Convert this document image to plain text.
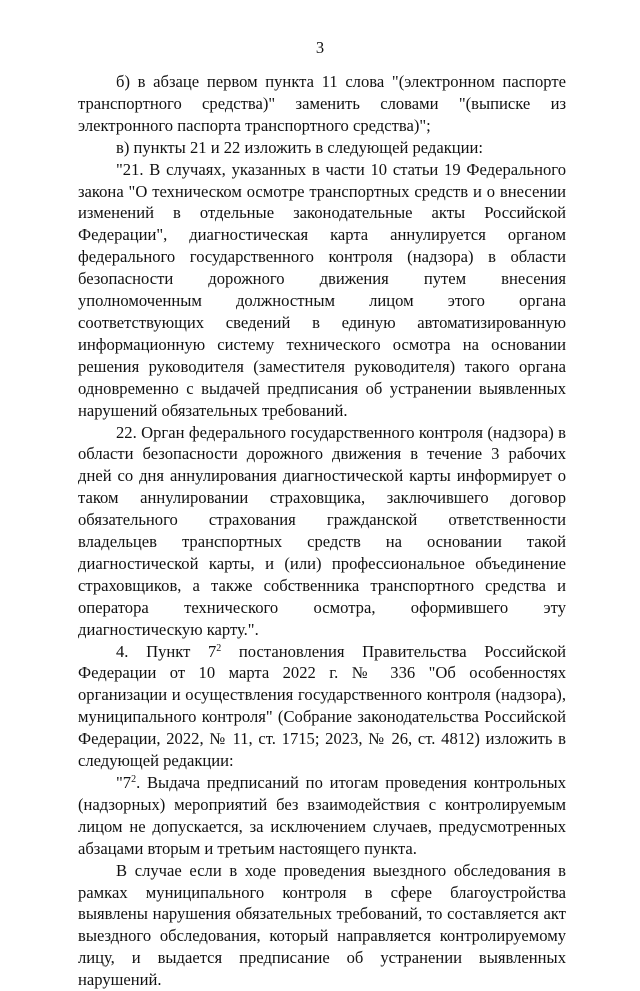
3

б) в абзаце первом пункта 11 слова "(электронном паспорте транспортного средства)" заменить словами "(выписке из электронного паспорта транспортного средства)";

в) пункты 21 и 22 изложить в следующей редакции:

"21. В случаях, указанных в части 10 статьи 19 Федерального закона "О техническом осмотре транспортных средств и о внесении изменений в отдельные законодательные акты Российской Федерации", диагностическая карта аннулируется органом федерального государственного контроля (надзора) в области безопасности дорожного движения путем внесения уполномоченным должностным лицом этого органа соответствующих сведений в единую автоматизированную информационную систему технического осмотра на основании решения руководителя (заместителя руководителя) такого органа одновременно с выдачей предписания об устранении выявленных нарушений обязательных требований.

22. Орган федерального государственного контроля (надзора) в области безопасности дорожного движения в течение 3 рабочих дней со дня аннулирования диагностической карты информирует о таком аннулировании страховщика, заключившего договор обязательного страхования гражданской ответственности владельцев транспортных средств на основании такой диагностической карты, и (или) профессиональное объединение страховщиков, а также собственника транспортного средства и оператора технического осмотра, оформившего эту диагностическую карту.".

4. Пункт $7^2$ постановления Правительства Российской Федерации от 10 марта 2022 г. № 336 "Об особенностях организации и осуществления государственного контроля (надзора), муниципального контроля" (Собрание законодательства Российской Федерации, 2022, № 11, ст. 1715; 2023, № 26, ст. 4812) изложить в следующей редакции:

"$7^2$. Выдача предписаний по итогам проведения контрольных (надзорных) мероприятий без взаимодействия с контролируемым лицом не допускается, за исключением случаев, предусмотренных абзацами вторым и третьим настоящего пункта.

В случае если в ходе проведения выездного обследования в рамках муниципального контроля в сфере благоустройства выявлены нарушения обязательных требований, то составляется акт выездного обследования, который направляется контролируемому лицу, и выдается предписание об устранении выявленных нарушений.
